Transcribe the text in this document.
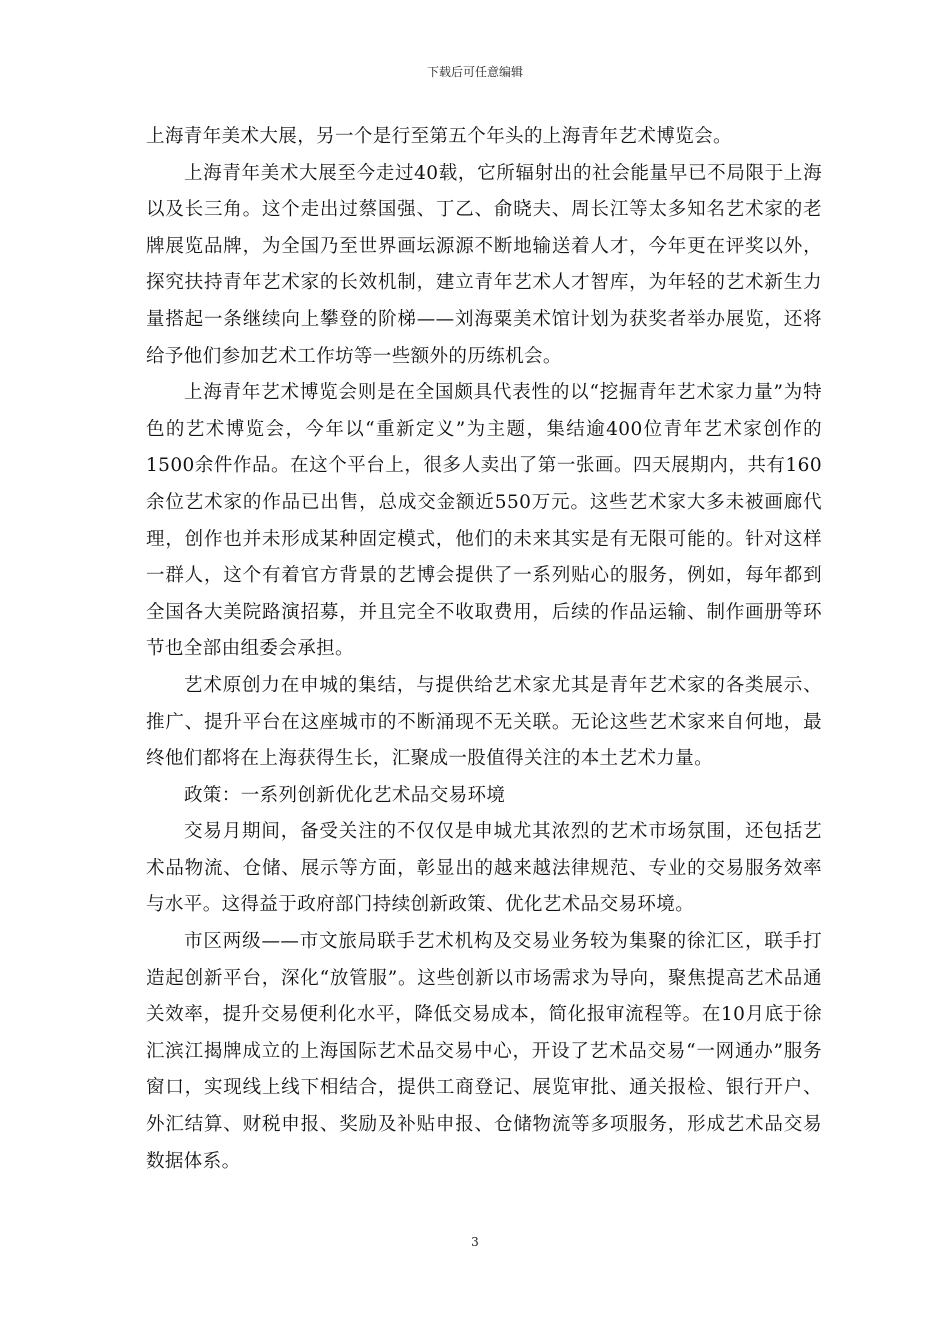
下载后可任意编辑

上海青年美术大展，另一个是行至第五个年头的上海青年艺术博览会。

上海青年美术大展至今走过40载，它所辐射出的社会能量早已不局限于上海以及长三角。这个走出过蔡国强、丁乙、俞晓夫、周长江等太多知名艺术家的老牌展览品牌，为全国乃至世界画坛源源不断地输送着人才，今年更在评奖以外，探究扶持青年艺术家的长效机制，建立青年艺术人才智库，为年轻的艺术新生力量搭起一条继续向上攀登的阶梯——刘海粟美术馆计划为获奖者举办展览，还将给予他们参加艺术工作坊等一些额外的历练机会。

上海青年艺术博览会则是在全国颇具代表性的以“挖掘青年艺术家力量”为特色的艺术博览会，今年以“重新定义”为主题，集结逾400位青年艺术家创作的1500余件作品。在这个平台上，很多人卖出了第一张画。四天展期内，共有160余位艺术家的作品已出售，总成交金额近550万元。这些艺术家大多未被画廊代理，创作也并未形成某种固定模式，他们的未来其实是有无限可能的。针对这样一群人，这个有着官方背景的艺博会提供了一系列贴心的服务，例如，每年都到全国各大美院路演招募，并且完全不收取费用，后续的作品运输、制作画册等环节也全部由组委会承担。

艺术原创力在申城的集结，与提供给艺术家尤其是青年艺术家的各类展示、推广、提升平台在这座城市的不断涌现不无关联。无论这些艺术家来自何地，最终他们都将在上海获得生长，汇聚成一股值得关注的本土艺术力量。

政策：一系列创新优化艺术品交易环境

交易月期间，备受关注的不仅仅是申城尤其浓烈的艺术市场氛围，还包括艺术品物流、仓储、展示等方面，彰显出的越来越法律规范、专业的交易服务效率与水平。这得益于政府部门持续创新政策、优化艺术品交易环境。

市区两级——市文旅局联手艺术机构及交易业务较为集聚的徐汇区，联手打造起创新平台，深化“放管服”。这些创新以市场需求为导向，聚焦提高艺术品通关效率，提升交易便利化水平，降低交易成本，简化报审流程等。在10月底于徐汇滨江揭牌成立的上海国际艺术品交易中心，开设了艺术品交易“一网通办”服务窗口，实现线上线下相结合，提供工商登记、展览审批、通关报检、银行开户、外汇结算、财税申报、奖励及补贴申报、仓储物流等多项服务，形成艺术品交易数据体系。

3
